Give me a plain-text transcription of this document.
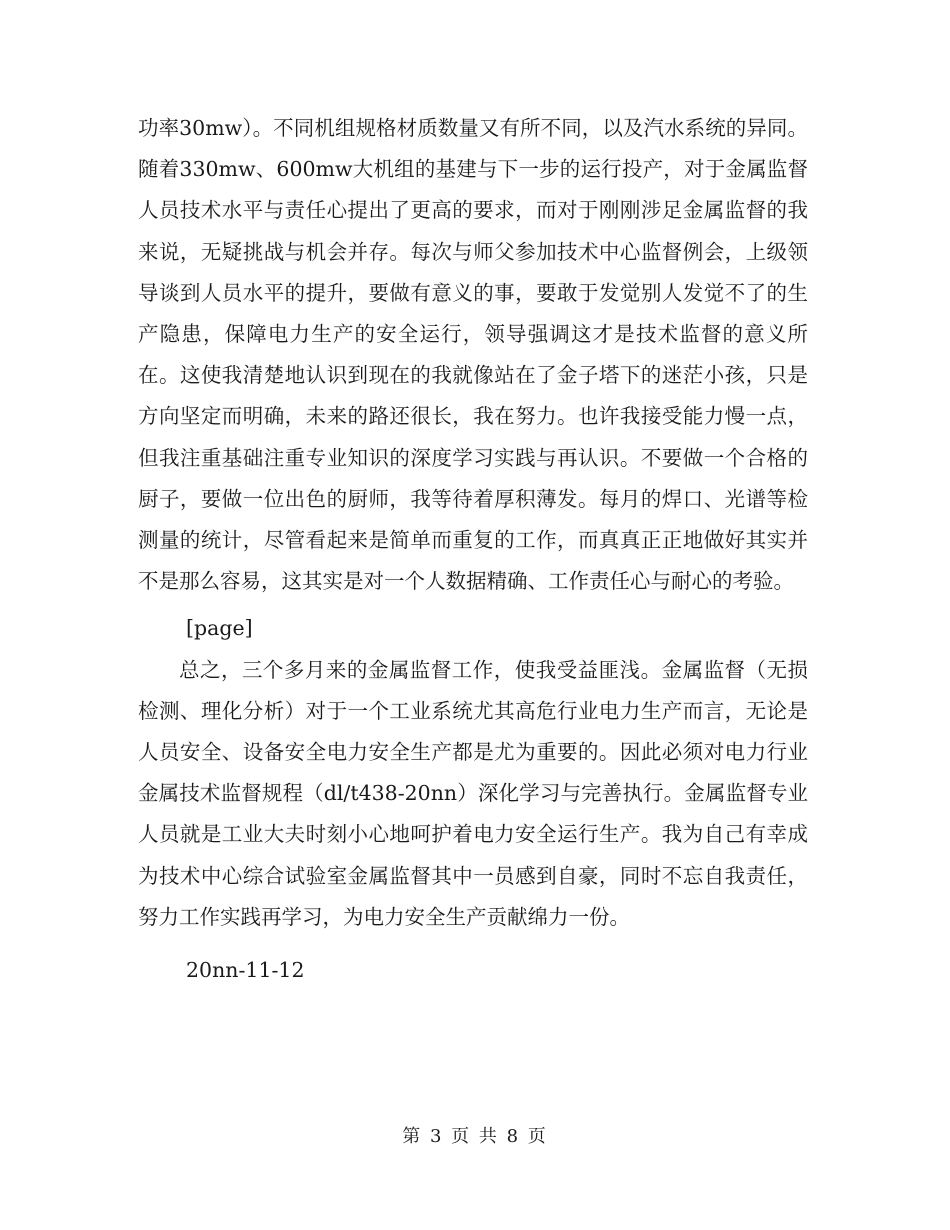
功率30mw）。不同机组规格材质数量又有所不同，以及汽水系统的异同。随着330mw、600mw大机组的基建与下一步的运行投产，对于金属监督人员技术水平与责任心提出了更高的要求，而对于刚刚涉足金属监督的我来说，无疑挑战与机会并存。每次与师父参加技术中心监督例会，上级领导谈到人员水平的提升，要做有意义的事，要敢于发觉别人发觉不了的生产隐患，保障电力生产的安全运行，领导强调这才是技术监督的意义所在。这使我清楚地认识到现在的我就像站在了金子塔下的迷茫小孩，只是方向坚定而明确，未来的路还很长，我在努力。也许我接受能力慢一点，但我注重基础注重专业知识的深度学习实践与再认识。不要做一个合格的厨子，要做一位出色的厨师，我等待着厚积薄发。每月的焊口、光谱等检测量的统计，尽管看起来是简单而重复的工作，而真真正正地做好其实并不是那么容易，这其实是对一个人数据精确、工作责任心与耐心的考验。

[page]

总之，三个多月来的金属监督工作，使我受益匪浅。金属监督（无损检测、理化分析）对于一个工业系统尤其高危行业电力生产而言，无论是人员安全、设备安全电力安全生产都是尤为重要的。因此必须对电力行业金属技术监督规程（dl/t438-20nn）深化学习与完善执行。金属监督专业人员就是工业大夫时刻小心地呵护着电力安全运行生产。我为自己有幸成为技术中心综合试验室金属监督其中一员感到自豪，同时不忘自我责任，努力工作实践再学习，为电力安全生产贡献绵力一份。

20nn-11-12

第 3 页 共 8 页
